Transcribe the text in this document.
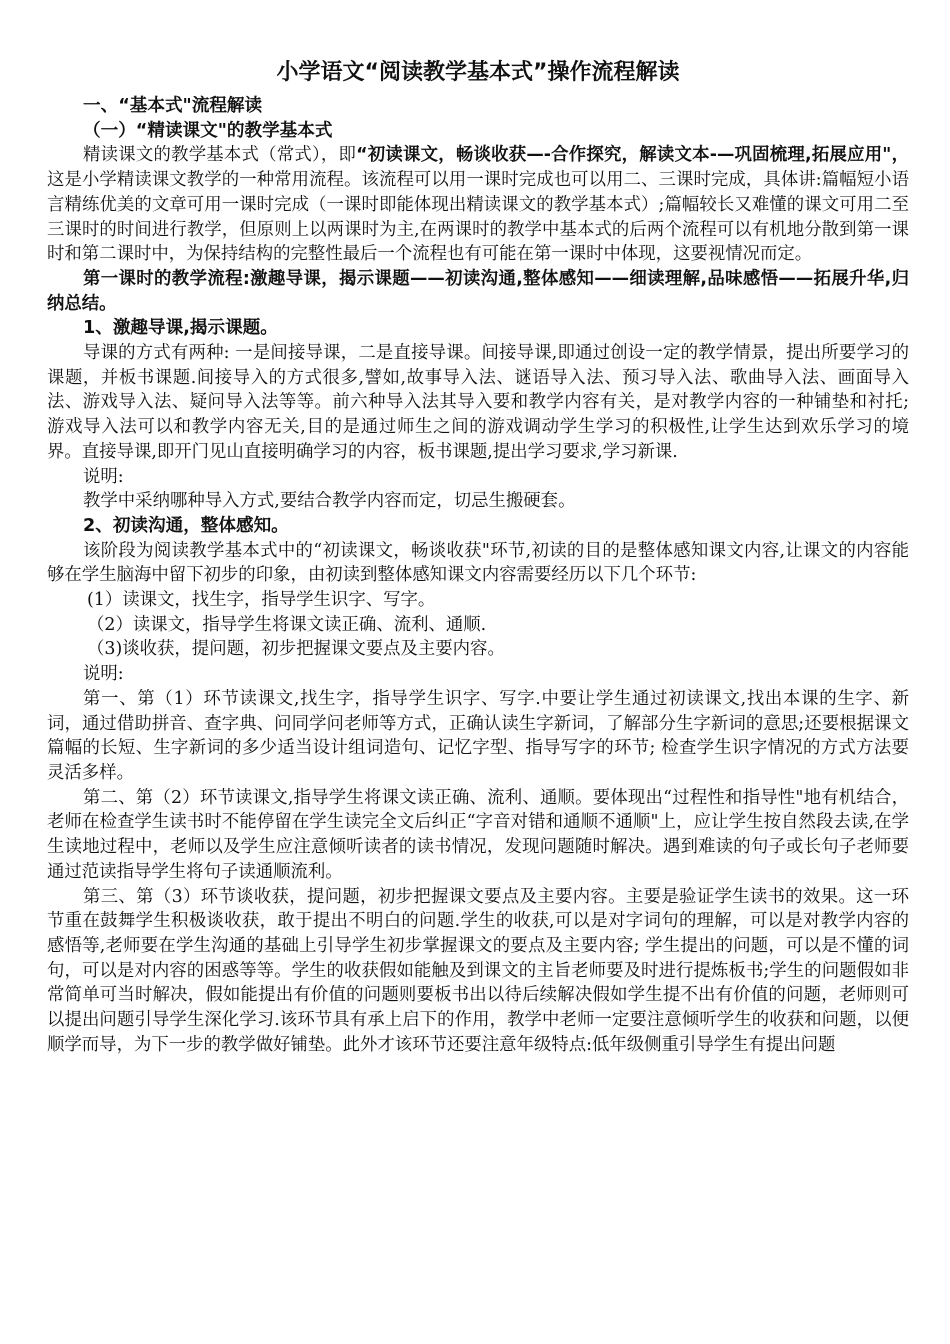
小学语文“阅读教学基本式”操作流程解读
一、“基本式"流程解读
（一）“精读课文"的教学基本式

精读课文的教学基本式（常式），即“初读课文，畅谈收获—-合作探究，解读文本-—巩固梳理,拓展应用"，这是小学精读课文教学的一种常用流程。该流程可以用一课时完成也可以用二、三课时完成，具体讲:篇幅短小语言精练优美的文章可用一课时完成（一课时即能体现出精读课文的教学基本式）;篇幅较长又难懂的课文可用二至三课时的时间进行教学，但原则上以两课时为主,在两课时的教学中基本式的后两个流程可以有机地分散到第一课时和第二课时中，为保持结构的完整性最后一个流程也有可能在第一课时中体现，这要视情况而定。

第一课时的教学流程:激趣导课，揭示课题——初读沟通,整体感知——细读理解,品味感悟——拓展升华,归纳总结。

1、激趣导课,揭示课题。

导课的方式有两种: 一是间接导课，二是直接导课。间接导课,即通过创设一定的教学情景，提出所要学习的课题，并板书课题.间接导入的方式很多,譬如,故事导入法、谜语导入法、预习导入法、歌曲导入法、画面导入法、游戏导入法、疑问导入法等等。前六种导入法其导入要和教学内容有关，是对教学内容的一种铺垫和衬托; 游戏导入法可以和教学内容无关,目的是通过师生之间的游戏调动学生学习的积极性,让学生达到欢乐学习的境界。直接导课,即开门见山直接明确学习的内容，板书课题,提出学习要求,学习新课.

说明:

教学中采纳哪种导入方式,要结合教学内容而定，切忌生搬硬套。

2、初读沟通，整体感知。

该阶段为阅读教学基本式中的“初读课文，畅谈收获"环节,初读的目的是整体感知课文内容,让课文的内容能够在学生脑海中留下初步的印象，由初读到整体感知课文内容需要经历以下几个环节:

(1）读课文，找生字，指导学生识字、写字。

（2）读课文，指导学生将课文读正确、流利、通顺.

（3)谈收获，提问题，初步把握课文要点及主要内容。

说明:

第一、第（1）环节读课文,找生字，指导学生识字、写字.中要让学生通过初读课文,找出本课的生字、新词，通过借助拼音、查字典、问同学问老师等方式，正确认读生字新词，了解部分生字新词的意思;还要根据课文篇幅的长短、生字新词的多少适当设计组词造句、记忆字型、指导写字的环节; 检查学生识字情况的方式方法要灵活多样。

第二、第（2）环节读课文,指导学生将课文读正确、流利、通顺。要体现出“过程性和指导性"地有机结合，老师在检查学生读书时不能停留在学生读完全文后纠正“字音对错和通顺不通顺"上，应让学生按自然段去读,在学生读地过程中，老师以及学生应注意倾听读者的读书情况，发现问题随时解决。遇到难读的句子或长句子老师要通过范读指导学生将句子读通顺流利。

第三、第（3）环节谈收获，提问题，初步把握课文要点及主要内容。主要是验证学生读书的效果。这一环节重在鼓舞学生积极谈收获，敢于提出不明白的问题.学生的收获,可以是对字词句的理解，可以是对教学内容的感悟等,老师要在学生沟通的基础上引导学生初步掌握课文的要点及主要内容; 学生提出的问题，可以是不懂的词句，可以是对内容的困惑等等。学生的收获假如能触及到课文的主旨老师要及时进行提炼板书;学生的问题假如非常简单可当时解决，假如能提出有价值的问题则要板书出以待后续解决假如学生提不出有价值的问题，老师则可以提出问题引导学生深化学习.该环节具有承上启下的作用，教学中老师一定要注意倾听学生的收获和问题，以便顺学而导，为下一步的教学做好铺垫。此外才该环节还要注意年级特点:低年级侧重引导学生有提出问题
